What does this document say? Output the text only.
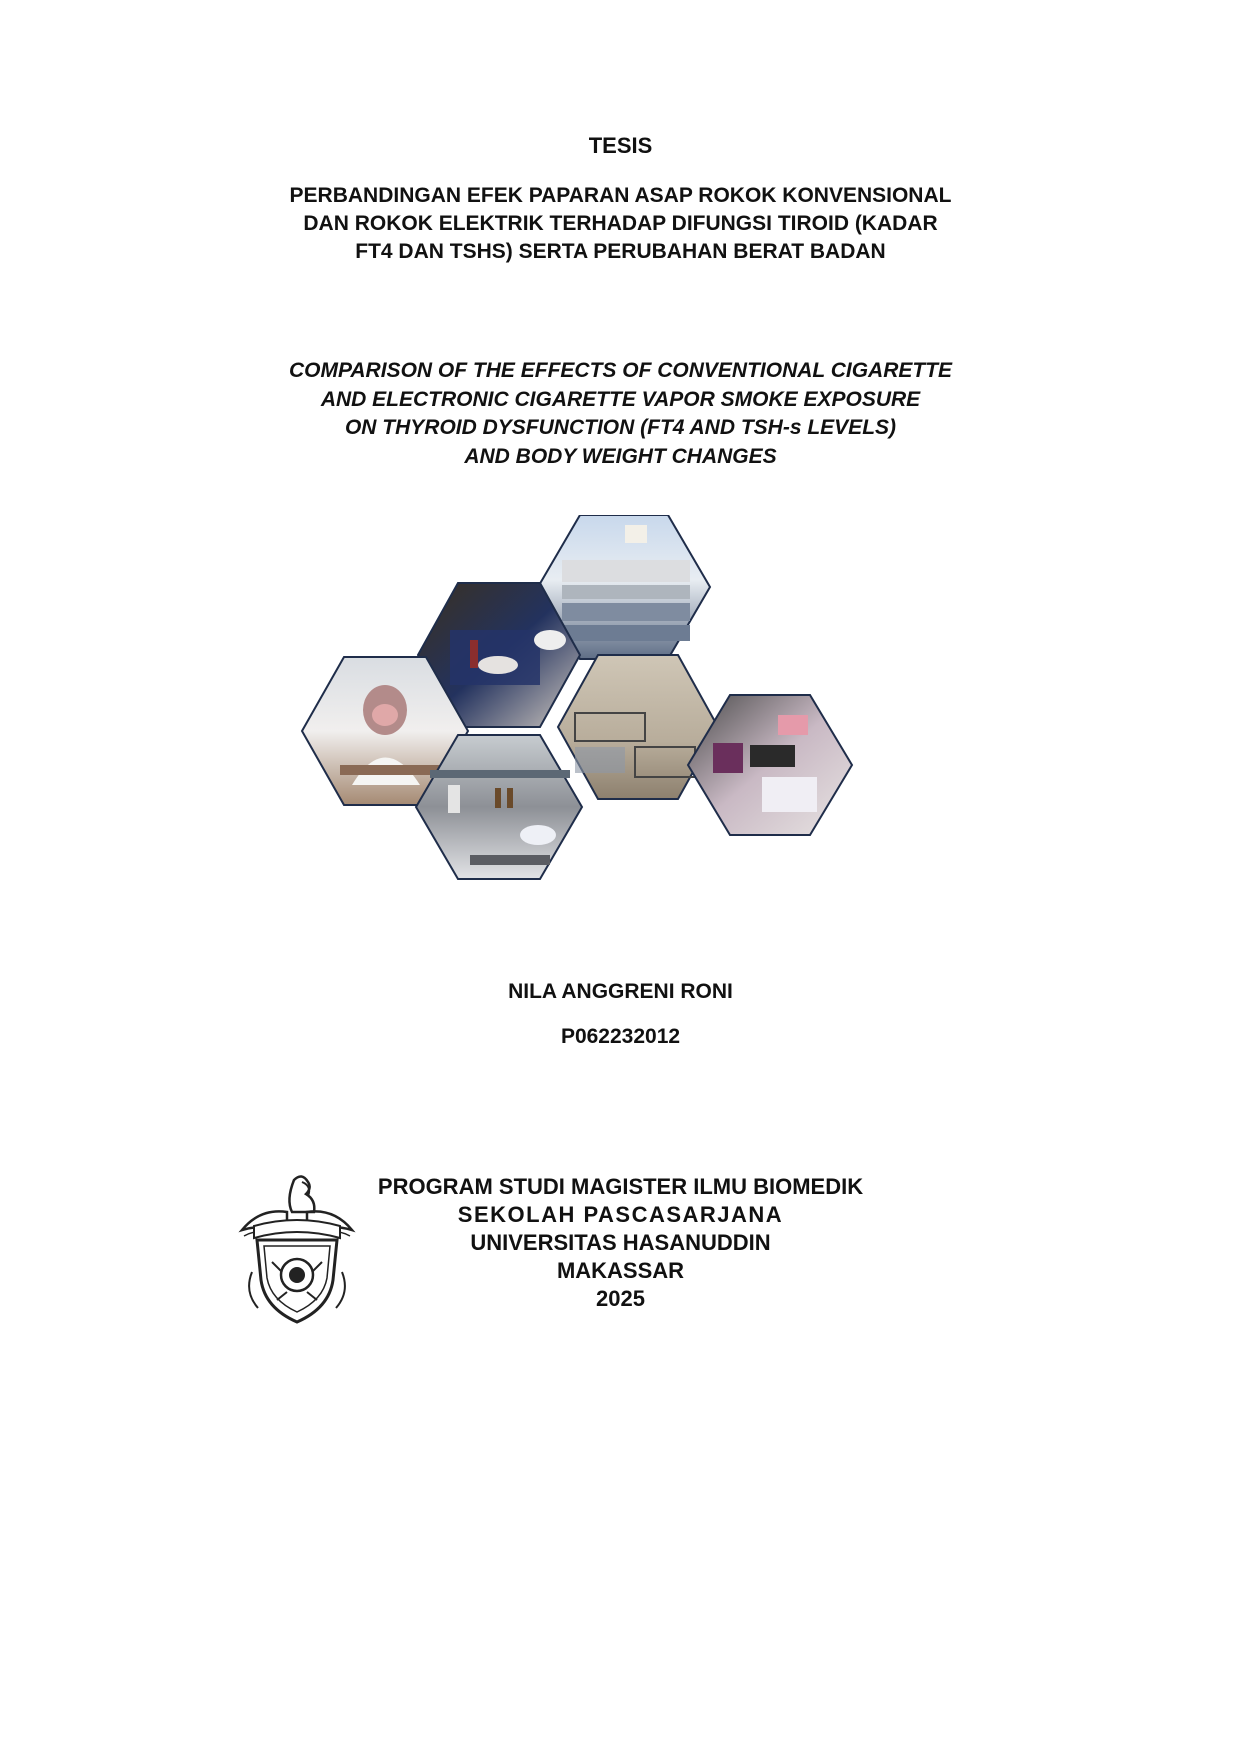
TESIS
PERBANDINGAN EFEK PAPARAN ASAP ROKOK KONVENSIONAL
DAN ROKOK ELEKTRIK TERHADAP DIFUNGSI TIROID (KADAR
FT4 DAN TSHS) SERTA PERUBAHAN BERAT BADAN
COMPARISON OF THE EFFECTS OF CONVENTIONAL CIGARETTE
AND ELECTRONIC CIGARETTE VAPOR SMOKE EXPOSURE
ON THYROID DYSFUNCTION (FT4 AND TSH-s LEVELS)
AND BODY WEIGHT CHANGES
NILA ANGGRENI RONI
P062232012
PROGRAM STUDI MAGISTER ILMU BIOMEDIK
SEKOLAH PASCASARJANA
UNIVERSITAS HASANUDDIN
MAKASSAR
2025
